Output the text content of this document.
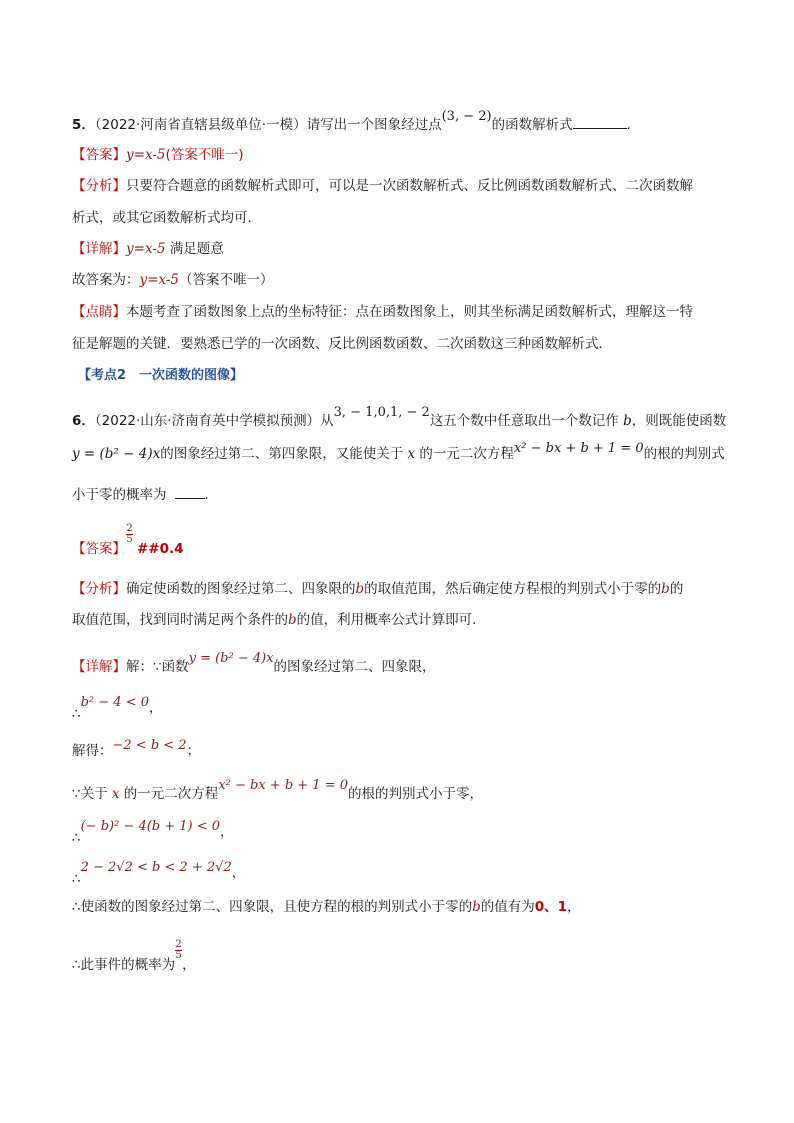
5．（2022·河南省直辖县级单位·一模）请写出一个图象经过点(3, − 2)的函数解析式	．
【答案】y=x-5(答案不唯一)
【分析】只要符合题意的函数解析式即可，可以是一次函数解析式、反比例函数函数解析式、二次函数解
析式，或其它函数解析式均可．
【详解】y=x-5 满足题意
故答案为：y=x-5（答案不唯一）
【点睛】本题考查了函数图象上点的坐标特征：点在函数图象上，则其坐标满足函数解析式，理解这一特
征是解题的关键．要熟悉已学的一次函数、反比例函数函数、二次函数这三种函数解析式．
【考点2　一次函数的图像】
6．（2022·山东·济南育英中学模拟预测）从3, − 1,0,1, − 2这五个数中任意取出一个数记作 b，则既能使函数
y = (b² − 4)x的图象经过第二、第四象限，又能使关于 x 的一元二次方程x² − bx + b + 1 = 0的根的判别式
小于零的概率为	．
【答案】
$\frac{2}{5}$
##0.4
【分析】确定使函数的图象经过第二、四象限的b的取值范围，然后确定使方程根的判别式小于零的b的
取值范围，找到同时满足两个条件的b的值，利用概率公式计算即可．
【详解】解：∵函数y = (b² − 4)x的图象经过第二、四象限，
∴b² − 4 < 0，
解得：−2 < b < 2；
∵关于 x 的一元二次方程x² − bx + b + 1 = 0的根的判别式小于零，
∴(− b)² − 4(b + 1) < 0，
∴2 − 2√2 < b < 2 + 2√2，
∴使函数的图象经过第二、四象限，且使方程的根的判别式小于零的b的值有为0、1，
∴此事件的概率为
$\frac{2}{5}$
，
